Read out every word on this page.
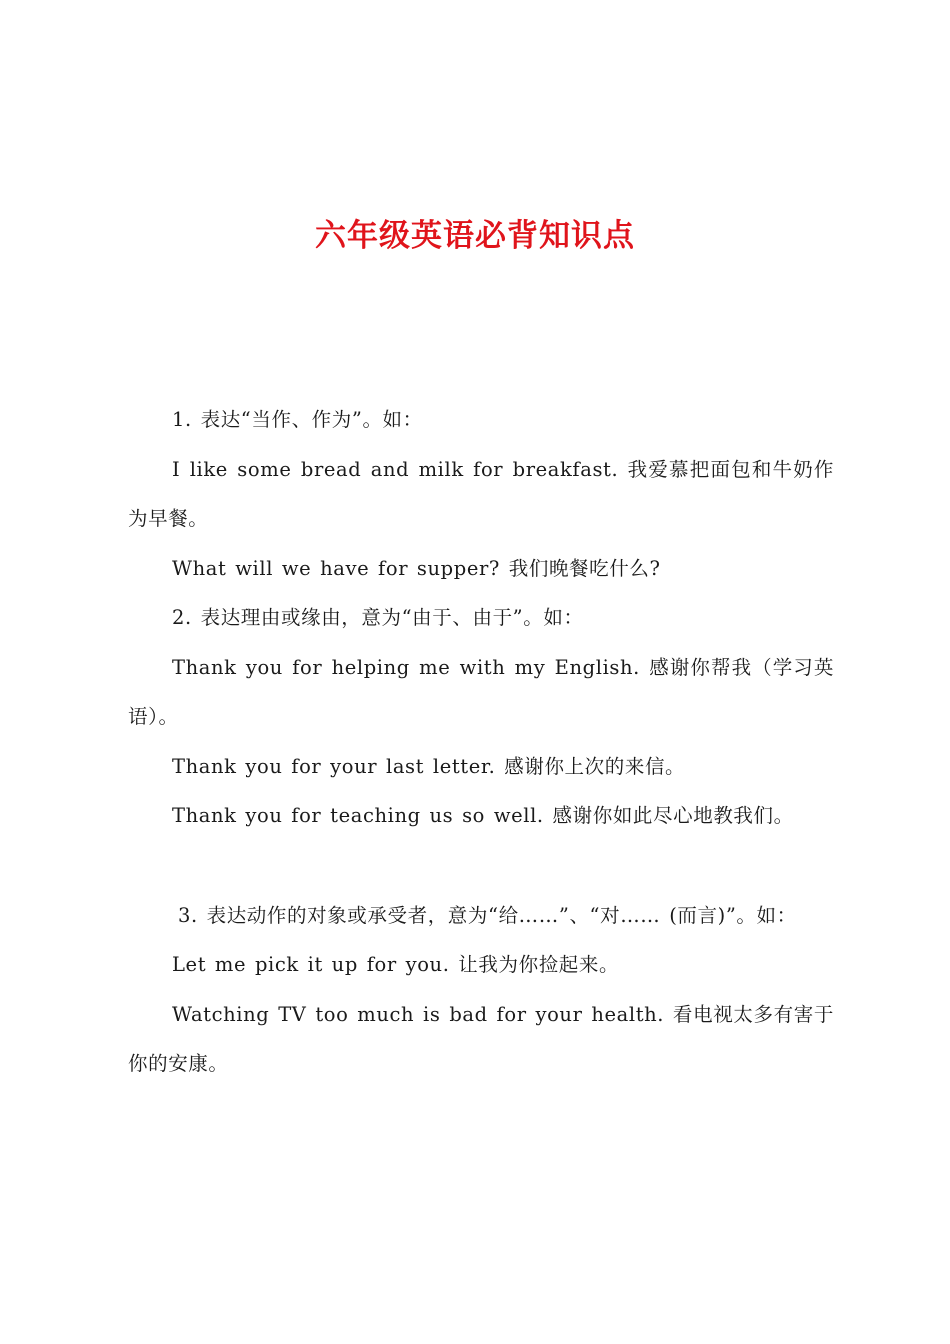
六年级英语必背知识点

1. 表达“当作、作为”。如：

I like some bread and milk for breakfast. 我爱慕把面包和牛奶作为早餐。

What will we have for supper? 我们晚餐吃什么?

2. 表达理由或缘由，意为“由于、由于”。如：

Thank you for helping me with my English. 感谢你帮我（学习英语）。

Thank you for your last letter. 感谢你上次的来信。

Thank you for teaching us so well. 感谢你如此尽心地教我们。

3. 表达动作的对象或承受者，意为“给……”、“对…… (而言)”。如：

Let me pick it up for you. 让我为你捡起来。

Watching TV too much is bad for your health. 看电视太多有害于你的安康。
